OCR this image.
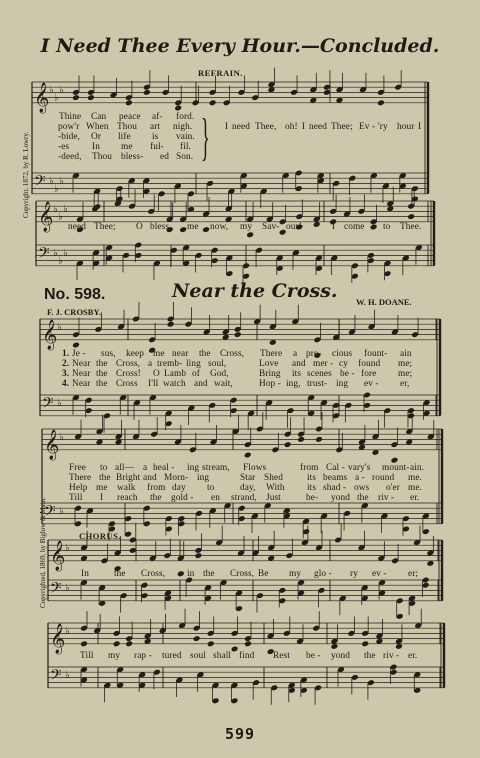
𝄞 ♭
♭
♭
𝄢 ♭
♭
♭
𝄞 ♭
♭
♭
𝄢 ♭
♭
♭
𝄞 ♭
𝄢 ♭
𝄞 ♭
𝄢 ♭
𝄞 ♭
𝄢 ♭
𝄞 ♭
𝄢 ♭
I Need Thee Every Hour.—Concluded.
REFRAIN.
Thine Can peace af- ford.
pow'r When Thou art nigh.
-bide, Or life is vain.
-es In me ful- fil.
-deed, Thou bless- ed Son. } I need Thee, oh! I need Thee; Ev - 'ry hour I
need Thee; O bless me now, my Sav- our!	I come to Thee.
No. 598.	Near the Cross. W. H. DOANE.
F. J. CROSBY.
1. Je - sus, keep me near the Cross, There a pre- cious fount- ain
2. Near the Cross, a tremb- ling soul,	Love and mer - cy found me;
3. Near the Cross! O Lamb of God,	Bring its scenes be - fore me;
4. Near the Cross I'll watch and wait,	Hop - ing, trust- ing ev - er,
Free to all— a heal - ing stream, Flows	from Cal - vary's mount- ain.
There the Bright and Morn- ing	Star Shed	its beams a - round me.
Help me walk from day to	day, With its shad - ows o'er me.
Till I reach the gold - en strand, Just	be- yond the riv - er.
CHORUS.
In	the Cross, in the Cross, Be my glo - ry ev - er;
Till my rap - tured soul shall find Rest be - yond the riv - er.
Copyright, 1872, by R. Lowry.
Copyrighted, 1869, by Biglow & Main.
599
